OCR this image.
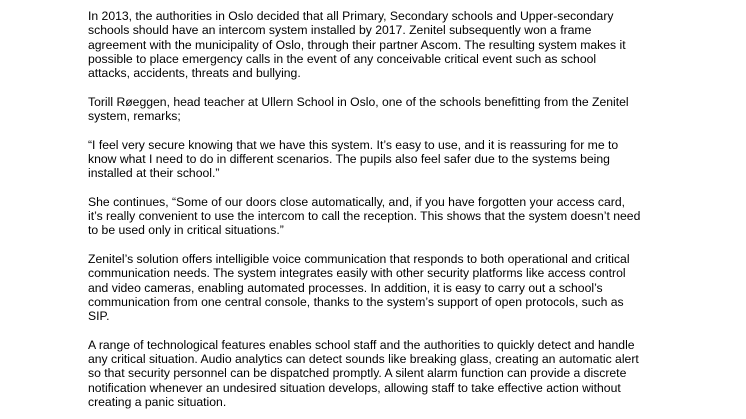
In 2013, the authorities in Oslo decided that all Primary, Secondary schools and Upper-secondary
schools should have an intercom system installed by 2017. Zenitel subsequently won a frame
agreement with the municipality of Oslo, through their partner Ascom. The resulting system makes it
possible to place emergency calls in the event of any conceivable critical event such as school
attacks, accidents, threats and bullying.

Torill Røeggen, head teacher at Ullern School in Oslo, one of the schools benefitting from the Zenitel
system, remarks;

“I feel very secure knowing that we have this system. It’s easy to use, and it is reassuring for me to
know what I need to do in different scenarios. The pupils also feel safer due to the systems being
installed at their school.”

She continues, “Some of our doors close automatically, and, if you have forgotten your access card,
it’s really convenient to use the intercom to call the reception. This shows that the system doesn’t need
to be used only in critical situations.”

Zenitel’s solution offers intelligible voice communication that responds to both operational and critical
communication needs. The system integrates easily with other security platforms like access control
and video cameras, enabling automated processes. In addition, it is easy to carry out a school’s
communication from one central console, thanks to the system’s support of open protocols, such as
SIP.

A range of technological features enables school staff and the authorities to quickly detect and handle
any critical situation. Audio analytics can detect sounds like breaking glass, creating an automatic alert
so that security personnel can be dispatched promptly. A silent alarm function can provide a discrete
notification whenever an undesired situation develops, allowing staff to take effective action without
creating a panic situation.
